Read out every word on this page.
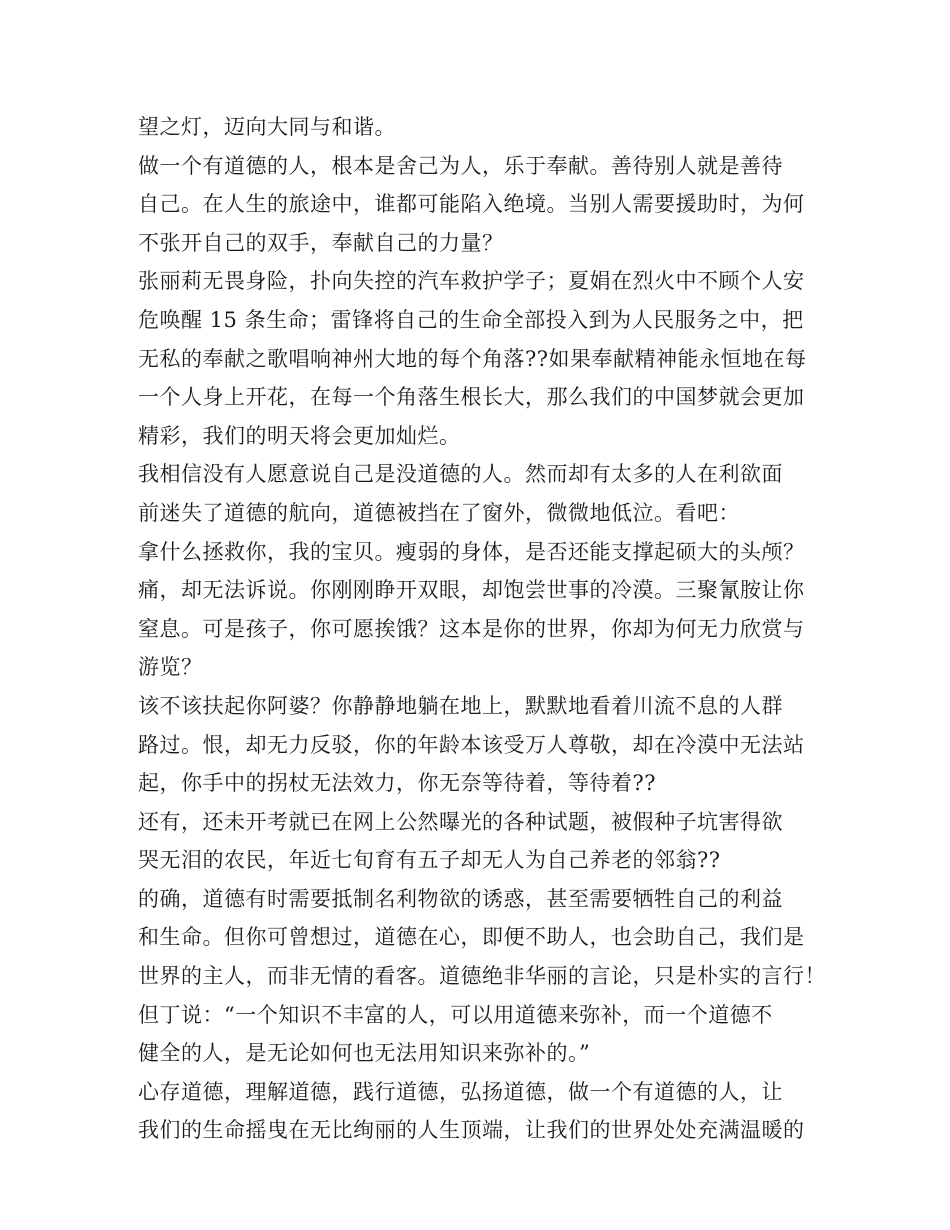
望之灯，迈向大同与和谐。
做一个有道德的人，根本是舍己为人，乐于奉献。善待别人就是善待
自己。在人生的旅途中，谁都可能陷入绝境。当别人需要援助时，为何
不张开自己的双手，奉献自己的力量？
张丽莉无畏身险，扑向失控的汽车救护学子；夏娟在烈火中不顾个人安
危唤醒 15 条生命；雷锋将自己的生命全部投入到为人民服务之中，把
无私的奉献之歌唱响神州大地的每个角落??如果奉献精神能永恒地在每
一个人身上开花，在每一个角落生根长大，那么我们的中国梦就会更加
精彩，我们的明天将会更加灿烂。
我相信没有人愿意说自己是没道德的人。然而却有太多的人在利欲面
前迷失了道德的航向，道德被挡在了窗外，微微地低泣。看吧：
拿什么拯救你，我的宝贝。瘦弱的身体，是否还能支撑起硕大的头颅？
痛，却无法诉说。你刚刚睁开双眼，却饱尝世事的冷漠。三聚氰胺让你
窒息。可是孩子，你可愿挨饿？这本是你的世界，你却为何无力欣赏与
游览？
该不该扶起你阿婆？你静静地躺在地上，默默地看着川流不息的人群
路过。恨，却无力反驳，你的年龄本该受万人尊敬，却在冷漠中无法站
起，你手中的拐杖无法效力，你无奈等待着，等待着??
还有，还未开考就已在网上公然曝光的各种试题，被假种子坑害得欲
哭无泪的农民，年近七旬育有五子却无人为自己养老的邻翁??
的确，道德有时需要抵制名利物欲的诱惑，甚至需要牺牲自己的利益
和生命。但你可曾想过，道德在心，即便不助人，也会助自己，我们是
世界的主人，而非无情的看客。道德绝非华丽的言论，只是朴实的言行！
但丁说：“一个知识不丰富的人，可以用道德来弥补，而一个道德不
健全的人，是无论如何也无法用知识来弥补的。”
心存道德，理解道德，践行道德，弘扬道德，做一个有道德的人，让
我们的生命摇曳在无比绚丽的人生顶端，让我们的世界处处充满温暖的
